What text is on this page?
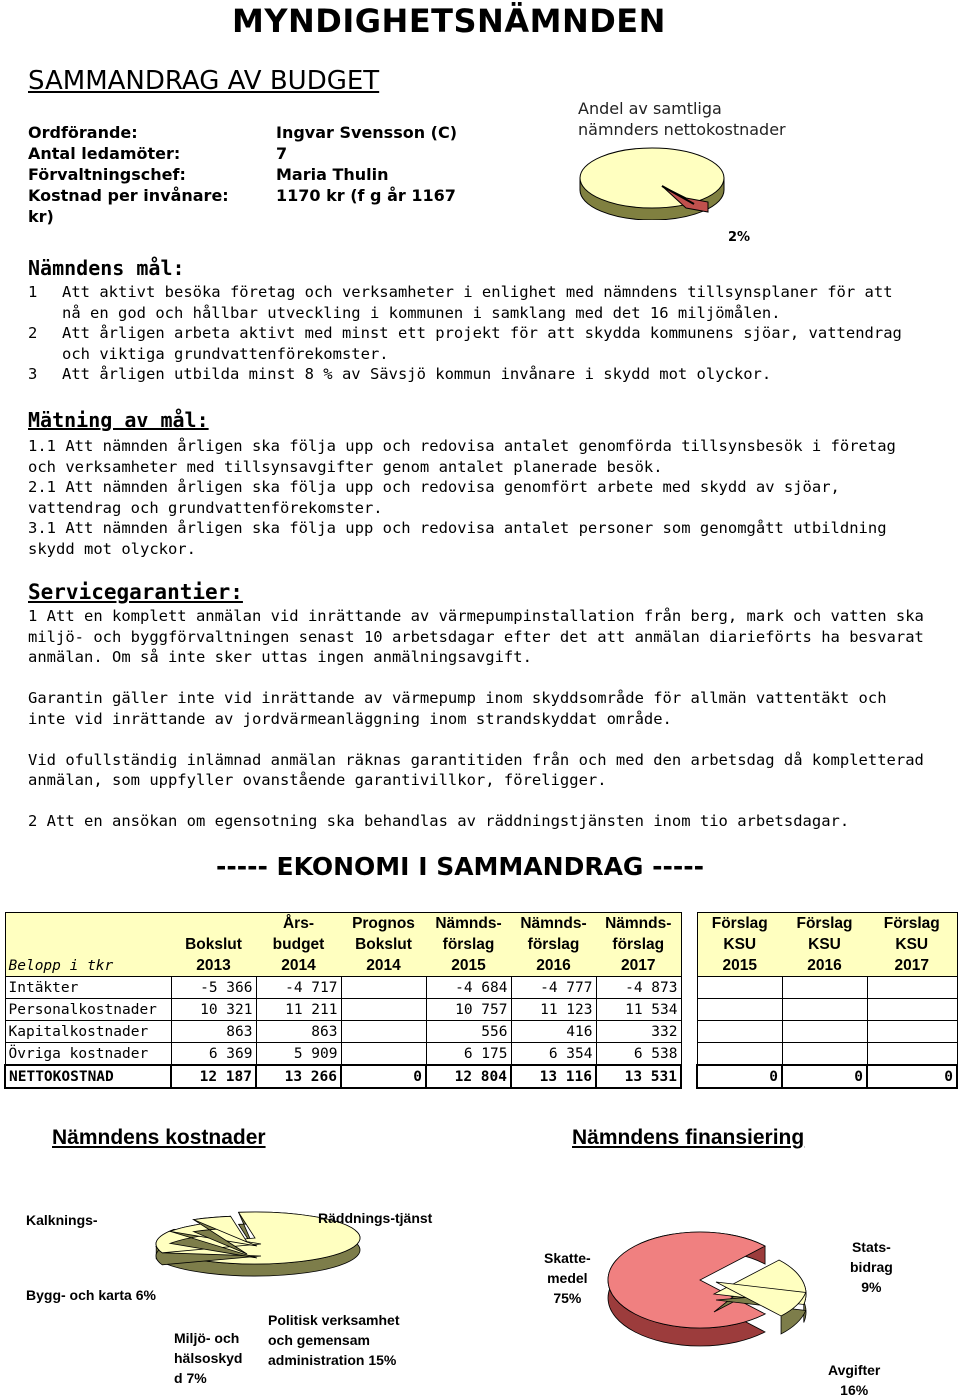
MYNDIGHETSNÄMNDEN
SAMMANDRAG AV BUDGET
Ordförande:	Ingvar Svensson (C)
Antal ledamöter:	7
Förvaltningschef:	Maria Thulin
Kostnad per invånare:	1170 kr (f g år 1167
kr)
Andel av samtliga
nämnders nettokostnader
2%
Nämndens mål:
1	Att aktivt besöka företag och verksamheter i enlighet med nämndens tillsynsplaner för att nå en god och hållbar utveckling i kommunen i samklang med det 16 miljömålen.
2	Att årligen arbeta aktivt med minst ett projekt för att skydda kommunens sjöar, vattendrag och viktiga grundvattenförekomster.
3	Att årligen utbilda minst 8 % av Sävsjö kommun invånare i skydd mot olyckor.
Mätning av mål:

1.1 Att nämnden årligen ska följa upp och redovisa antalet genomförda tillsynsbesök i företag och verksamheter med tillsynsavgifter genom antalet planerade besök.

2.1 Att nämnden årligen ska följa upp och redovisa genomfört arbete med skydd av sjöar, vattendrag och grundvattenförekomster.

3.1 Att nämnden årligen ska följa upp och redovisa antalet personer som genomgått utbildning skydd mot olyckor.

Servicegarantier:

1 Att en komplett anmälan vid inrättande av värmepumpinstallation från berg, mark och vatten ska miljö- och byggförvaltningen senast 10 arbetsdagar efter det att anmälan diarieförts ha besvarat anmälan. Om så inte sker uttas ingen anmälningsavgift.

Garantin gäller inte vid inrättande av värmepump inom skyddsområde för allmän vattentäkt och inte vid inrättande av jordvärmeanläggning inom strandskyddat område.

Vid ofullständig inlämnad anmälan räknas garantitiden från och med den arbetsdag då kompletterad anmälan, som uppfyller ovanstående garantivillkor, föreligger.

2 Att en ansökan om egensotning ska behandlas av räddningstjänsten inom tio arbetsdagar.

----- EKONOMI I SAMMANDRAG -----
		Års-	Prognos	Nämnds-	Nämnds-	Nämnds-		Förslag	Förslag	Förslag
	Bokslut	budget	Bokslut	förslag	förslag	förslag		KSU	KSU	KSU
Belopp i tkr	2013	2014	2014	2015	2016	2017		2015	2016	2017
Intäkter	-5 366	-4 717		-4 684	-4 777	-4 873				
Personalkostnader	10 321	11 211		10 757	11 123	11 534				
Kapitalkostnader	863	863		556	416	332				
Övriga kostnader	6 369	5 909		6 175	6 354	6 538				
NETTOKOSTNAD	12 187	13 266	0	12 804	13 116	13 531		0	0	0
Nämndens kostnader	Nämndens finansiering
Kalknings-	Räddnings-tjänst
Bygg- och karta 6%
Politisk verksamhet
och gemensam
administration 15%
Miljö- och
hälsoskyd
d 7%
Skatte-
medel
75%
Stats-
bidrag
9%
Avgifter
16%
